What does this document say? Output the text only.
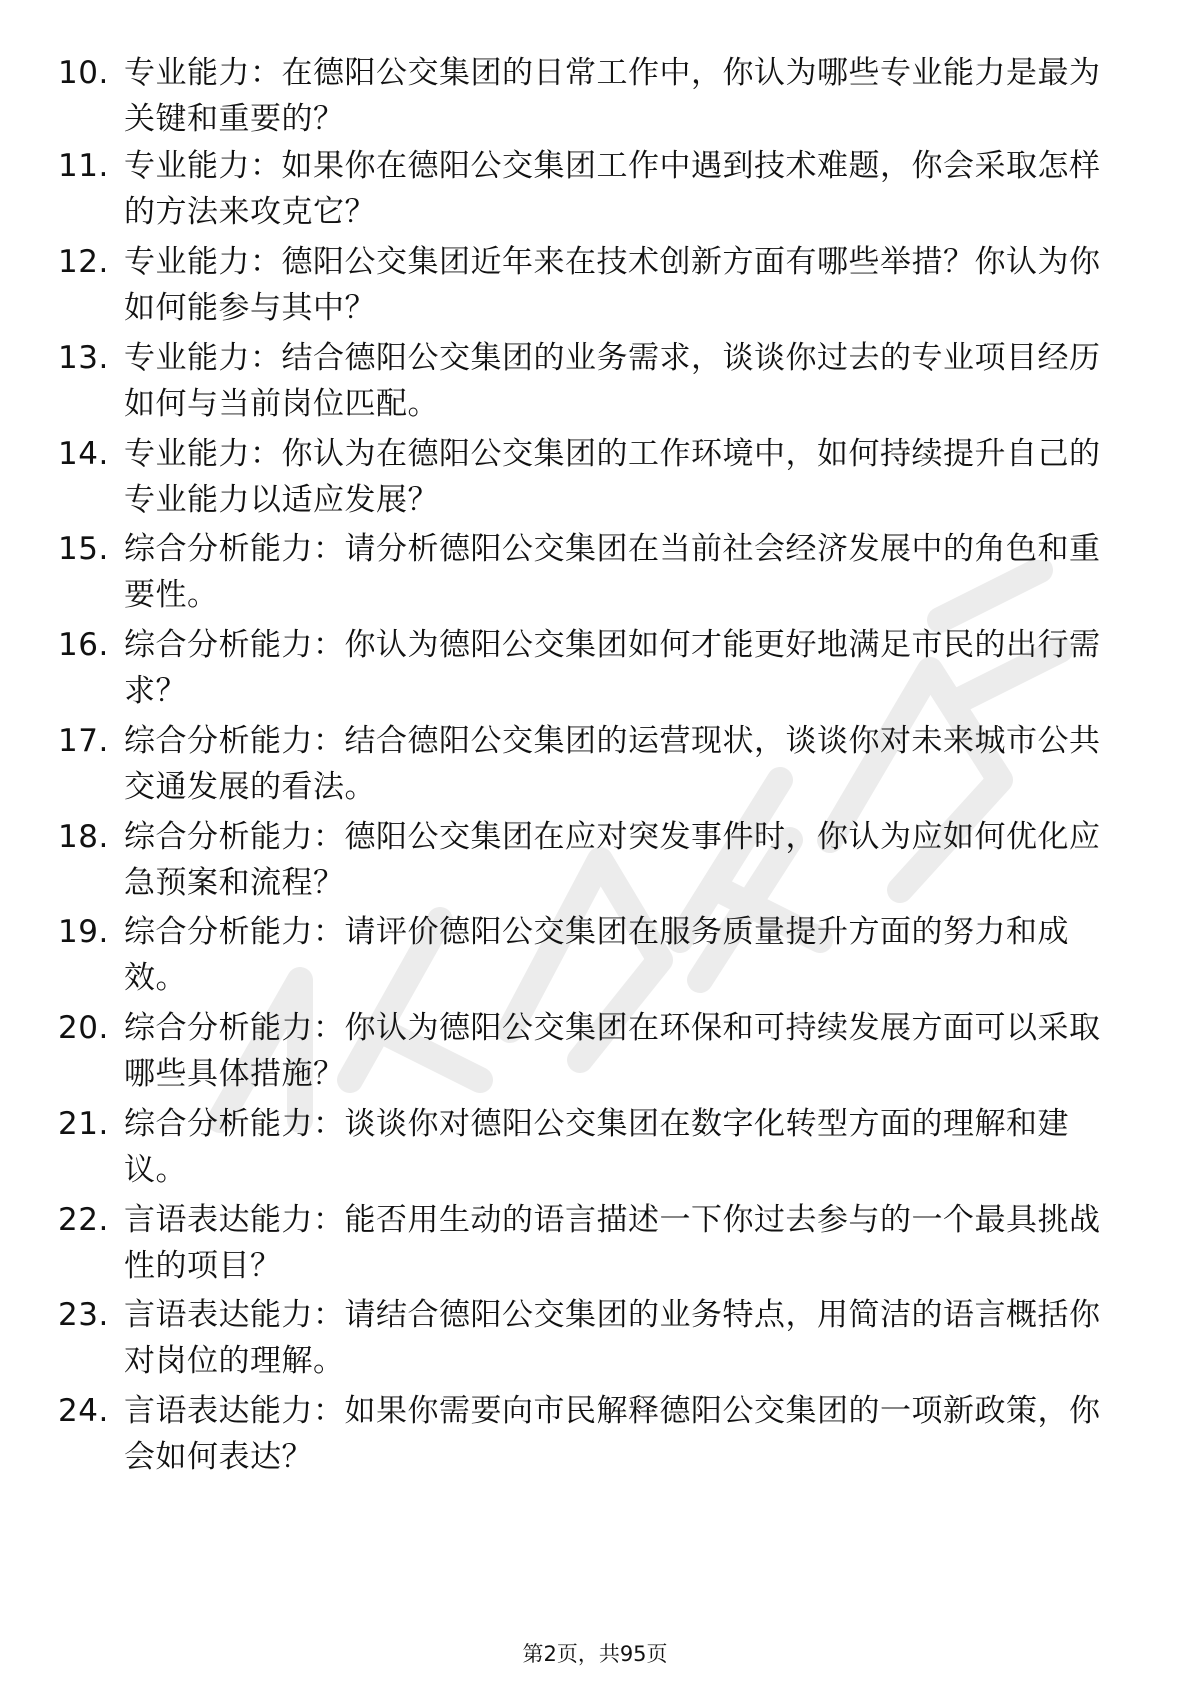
10. 专业能力：在德阳公交集团的日常工作中，你认为哪些专业能力是最为关键和重要的？
11. 专业能力：如果你在德阳公交集团工作中遇到技术难题，你会采取怎样的方法来攻克它？
12. 专业能力：德阳公交集团近年来在技术创新方面有哪些举措？你认为你如何能参与其中？
13. 专业能力：结合德阳公交集团的业务需求，谈谈你过去的专业项目经历如何与当前岗位匹配。
14. 专业能力：你认为在德阳公交集团的工作环境中，如何持续提升自己的专业能力以适应发展？
15. 综合分析能力：请分析德阳公交集团在当前社会经济发展中的角色和重要性。
16. 综合分析能力：你认为德阳公交集团如何才能更好地满足市民的出行需求？
17. 综合分析能力：结合德阳公交集团的运营现状，谈谈你对未来城市公共交通发展的看法。
18. 综合分析能力：德阳公交集团在应对突发事件时，你认为应如何优化应急预案和流程？
19. 综合分析能力：请评价德阳公交集团在服务质量提升方面的努力和成效。
20. 综合分析能力：你认为德阳公交集团在环保和可持续发展方面可以采取哪些具体措施？
21. 综合分析能力：谈谈你对德阳公交集团在数字化转型方面的理解和建议。
22. 言语表达能力：能否用生动的语言描述一下你过去参与的一个最具挑战性的项目？
23. 言语表达能力：请结合德阳公交集团的业务特点，用简洁的语言概括你对岗位的理解。
24. 言语表达能力：如果你需要向市民解释德阳公交集团的一项新政策，你会如何表达？
第2页，共95页
